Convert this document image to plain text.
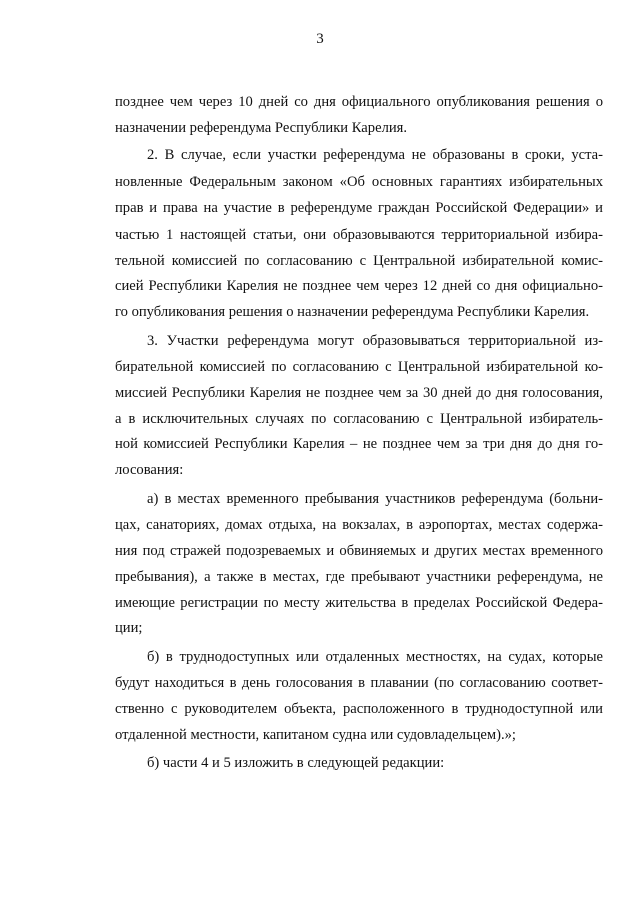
3
позднее чем через 10 дней со дня официального опубликования решения о
назначении референдума Республики Карелия.
2. В случае, если участки референдума не образованы в сроки, уста-
новленные Федеральным законом «Об основных гарантиях избирательных
прав и права на участие в референдуме граждан Российской Федерации» и
частью 1 настоящей статьи, они образовываются территориальной избира-
тельной комиссией по согласованию с Центральной избирательной комис-
сией Республики Карелия не позднее чем через 12 дней со дня официально-
го опубликования решения о назначении референдума Республики Карелия.
3. Участки референдума могут образовываться территориальной из-
бирательной комиссией по согласованию с Центральной избирательной ко-
миссией Республики Карелия не позднее чем за 30 дней до дня голосования,
а в исключительных случаях по согласованию с Центральной избиратель-
ной комиссией Республики Карелия – не позднее чем за три дня до дня го-
лосования:
а) в местах временного пребывания участников референдума (больни-
цах, санаториях, домах отдыха, на вокзалах, в аэропортах, местах содержа-
ния под стражей подозреваемых и обвиняемых и других местах временного
пребывания), а также в местах, где пребывают участники референдума, не
имеющие регистрации по месту жительства в пределах Российской Федера-
ции;
б) в труднодоступных или отдаленных местностях, на судах, которые
будут находиться в день голосования в плавании (по согласованию соответ-
ственно с руководителем объекта, расположенного в труднодоступной или
отдаленной местности, капитаном судна или судовладельцем).»;
б) части 4 и 5 изложить в следующей редакции:
